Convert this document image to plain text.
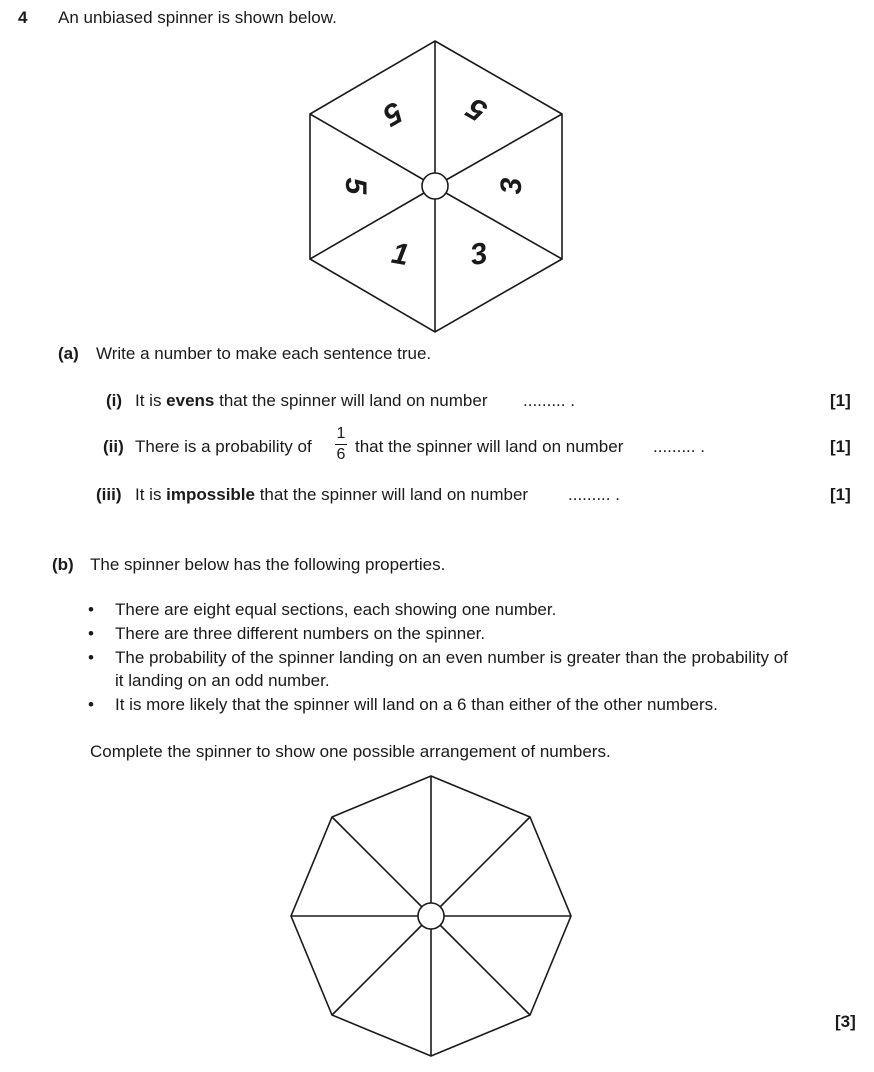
4 An unbiased spinner is shown below.
5 5
3
3
1
5
(a) Write a number to make each sentence true.
(i) It is evens that the spinner will land on number ......... .	[1]
(ii) There is a probability of
1
6 that the spinner will land on number ......... .	[1]
(iii) It is impossible that the spinner will land on number ......... .	[1]
(b) The spinner below has the following properties.
• There are eight equal sections, each showing one number.
• There are three different numbers on the spinner.
• The probability of the spinner landing on an even number is greater than the probability of
it landing on an odd number.
• It is more likely that the spinner will land on a 6 than either of the other numbers.
Complete the spinner to show one possible arrangement of numbers.
[3]
